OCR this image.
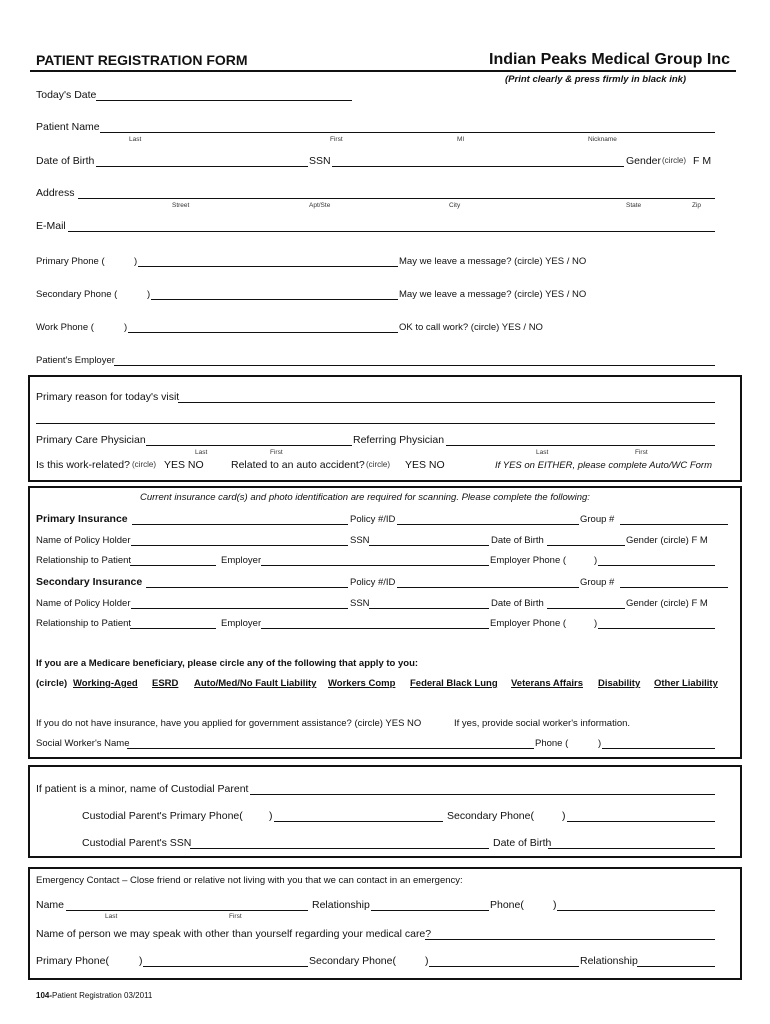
PATIENT REGISTRATION FORM	Indian Peaks Medical Group Inc
(Print clearly & press firmly in black ink)
Today's Date
Patient Name
Last	First	MI	Nickname
Date of Birth	SSN	Gender (circle) F M
Address
Street	Apt/Ste	City	State	Zip
E-Mail
Primary Phone (	)	May we leave a message? (circle) YES / NO
Secondary Phone (	)	May we leave a message? (circle) YES / NO
Work Phone (	)	OK to call work? (circle) YES / NO
Patient's Employer
Primary reason for today's visit
Primary Care Physician	Referring Physician
Last	First	Last	First
Is this work-related? (circle) YES NO	Related to an auto accident? (circle) YES NO	If YES on EITHER, please complete Auto/WC Form
Current insurance card(s) and photo identification are required for scanning. Please complete the following:
Primary Insurance	Policy #/ID	Group #
Name of Policy Holder	SSN	Date of Birth	Gender (circle) F M
Relationship to Patient	Employer	Employer Phone (	)
Secondary Insurance	Policy #/ID	Group #
Name of Policy Holder	SSN	Date of Birth	Gender (circle) F M
Relationship to Patient	Employer	Employer Phone (	)
If you are a Medicare beneficiary, please circle any of the following that apply to you:
(circle) Working-Aged ESRD Auto/Med/No Fault Liability Workers Comp Federal Black Lung Veterans Affairs Disability Other Liability
If you do not have insurance, have you applied for government assistance? (circle) YES NO	If yes, provide social worker's information.
Social Worker's Name	Phone (	)
If patient is a minor, name of Custodial Parent
Custodial Parent's Primary Phone(	)	Secondary Phone(	)
Custodial Parent's SSN	Date of Birth
Emergency Contact – Close friend or relative not living with you that we can contact in an emergency:
Name
Last	First
Relationship	Phone(	)
Name of person we may speak with other than yourself regarding your medical care?
Primary Phone(	)	Secondary Phone(	)	Relationship
104-Patient Registration 03/2011
